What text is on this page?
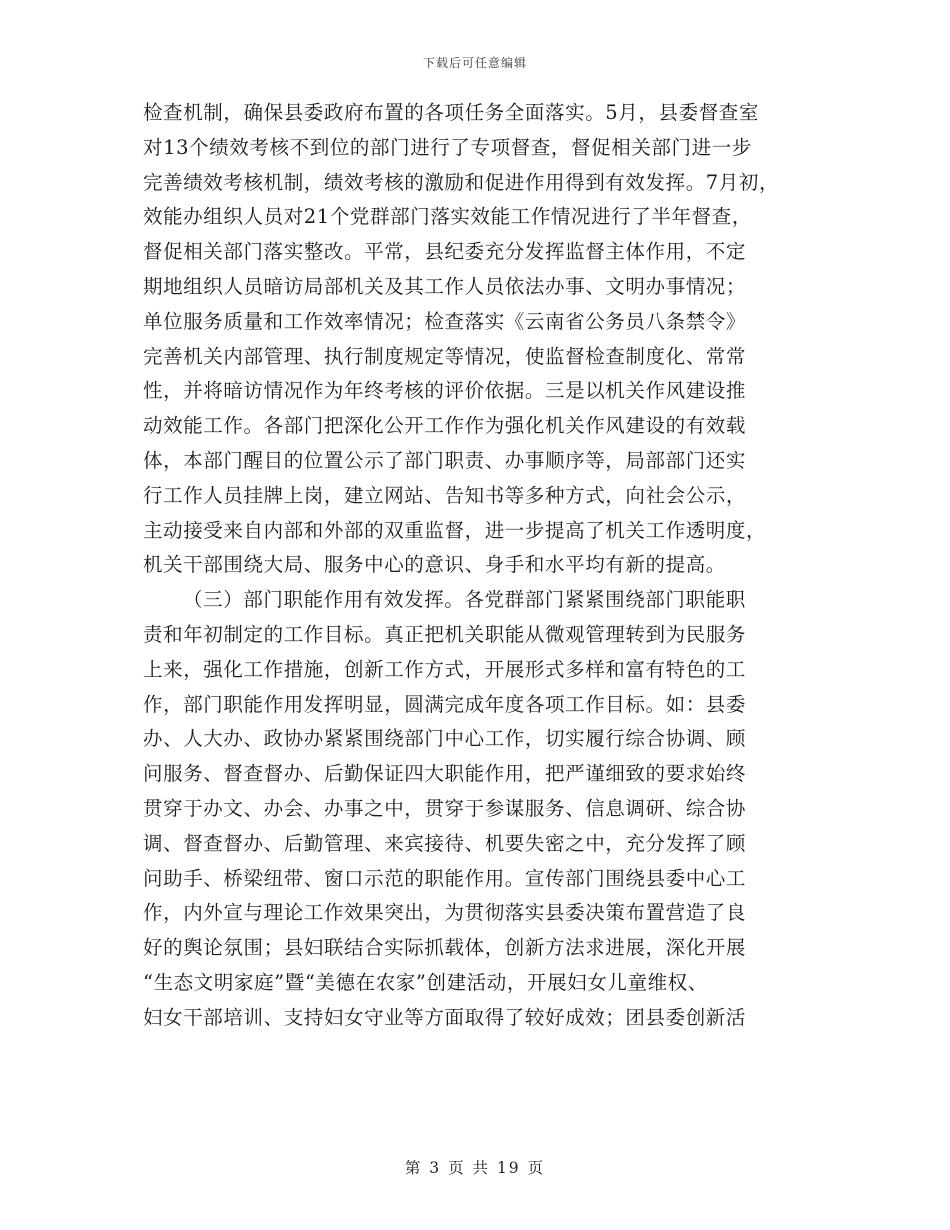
下载后可任意编辑
检查机制，确保县委政府布置的各项任务全面落实。5月，县委督查室
对13个绩效考核不到位的部门进行了专项督查，督促相关部门进一步
完善绩效考核机制，绩效考核的激励和促进作用得到有效发挥。7月初，
效能办组织人员对21个党群部门落实效能工作情况进行了半年督查，
督促相关部门落实整改。平常，县纪委充分发挥监督主体作用，不定
期地组织人员暗访局部机关及其工作人员依法办事、文明办事情况；
单位服务质量和工作效率情况；检查落实《云南省公务员八条禁令》
完善机关内部管理、执行制度规定等情况，使监督检查制度化、常常
性，并将暗访情况作为年终考核的评价依据。三是以机关作风建设推
动效能工作。各部门把深化公开工作作为强化机关作风建设的有效载
体，本部门醒目的位置公示了部门职责、办事顺序等，局部部门还实
行工作人员挂牌上岗，建立网站、告知书等多种方式，向社会公示，
主动接受来自内部和外部的双重监督，进一步提高了机关工作透明度，
机关干部围绕大局、服务中心的意识、身手和水平均有新的提高。
（三）部门职能作用有效发挥。各党群部门紧紧围绕部门职能职
责和年初制定的工作目标。真正把机关职能从微观管理转到为民服务
上来，强化工作措施，创新工作方式，开展形式多样和富有特色的工
作，部门职能作用发挥明显，圆满完成年度各项工作目标。如：县委
办、人大办、政协办紧紧围绕部门中心工作，切实履行综合协调、顾
问服务、督查督办、后勤保证四大职能作用，把严谨细致的要求始终
贯穿于办文、办会、办事之中，贯穿于参谋服务、信息调研、综合协
调、督查督办、后勤管理、来宾接待、机要失密之中，充分发挥了顾
问助手、桥梁纽带、窗口示范的职能作用。宣传部门围绕县委中心工
作，内外宣与理论工作效果突出，为贯彻落实县委决策布置营造了良
好的舆论氛围；县妇联结合实际抓载体，创新方法求进展，深化开展
“生态文明家庭”暨“美德在农家”创建活动，开展妇女儿童维权、
妇女干部培训、支持妇女守业等方面取得了较好成效；团县委创新活
第 3 页 共 19 页
